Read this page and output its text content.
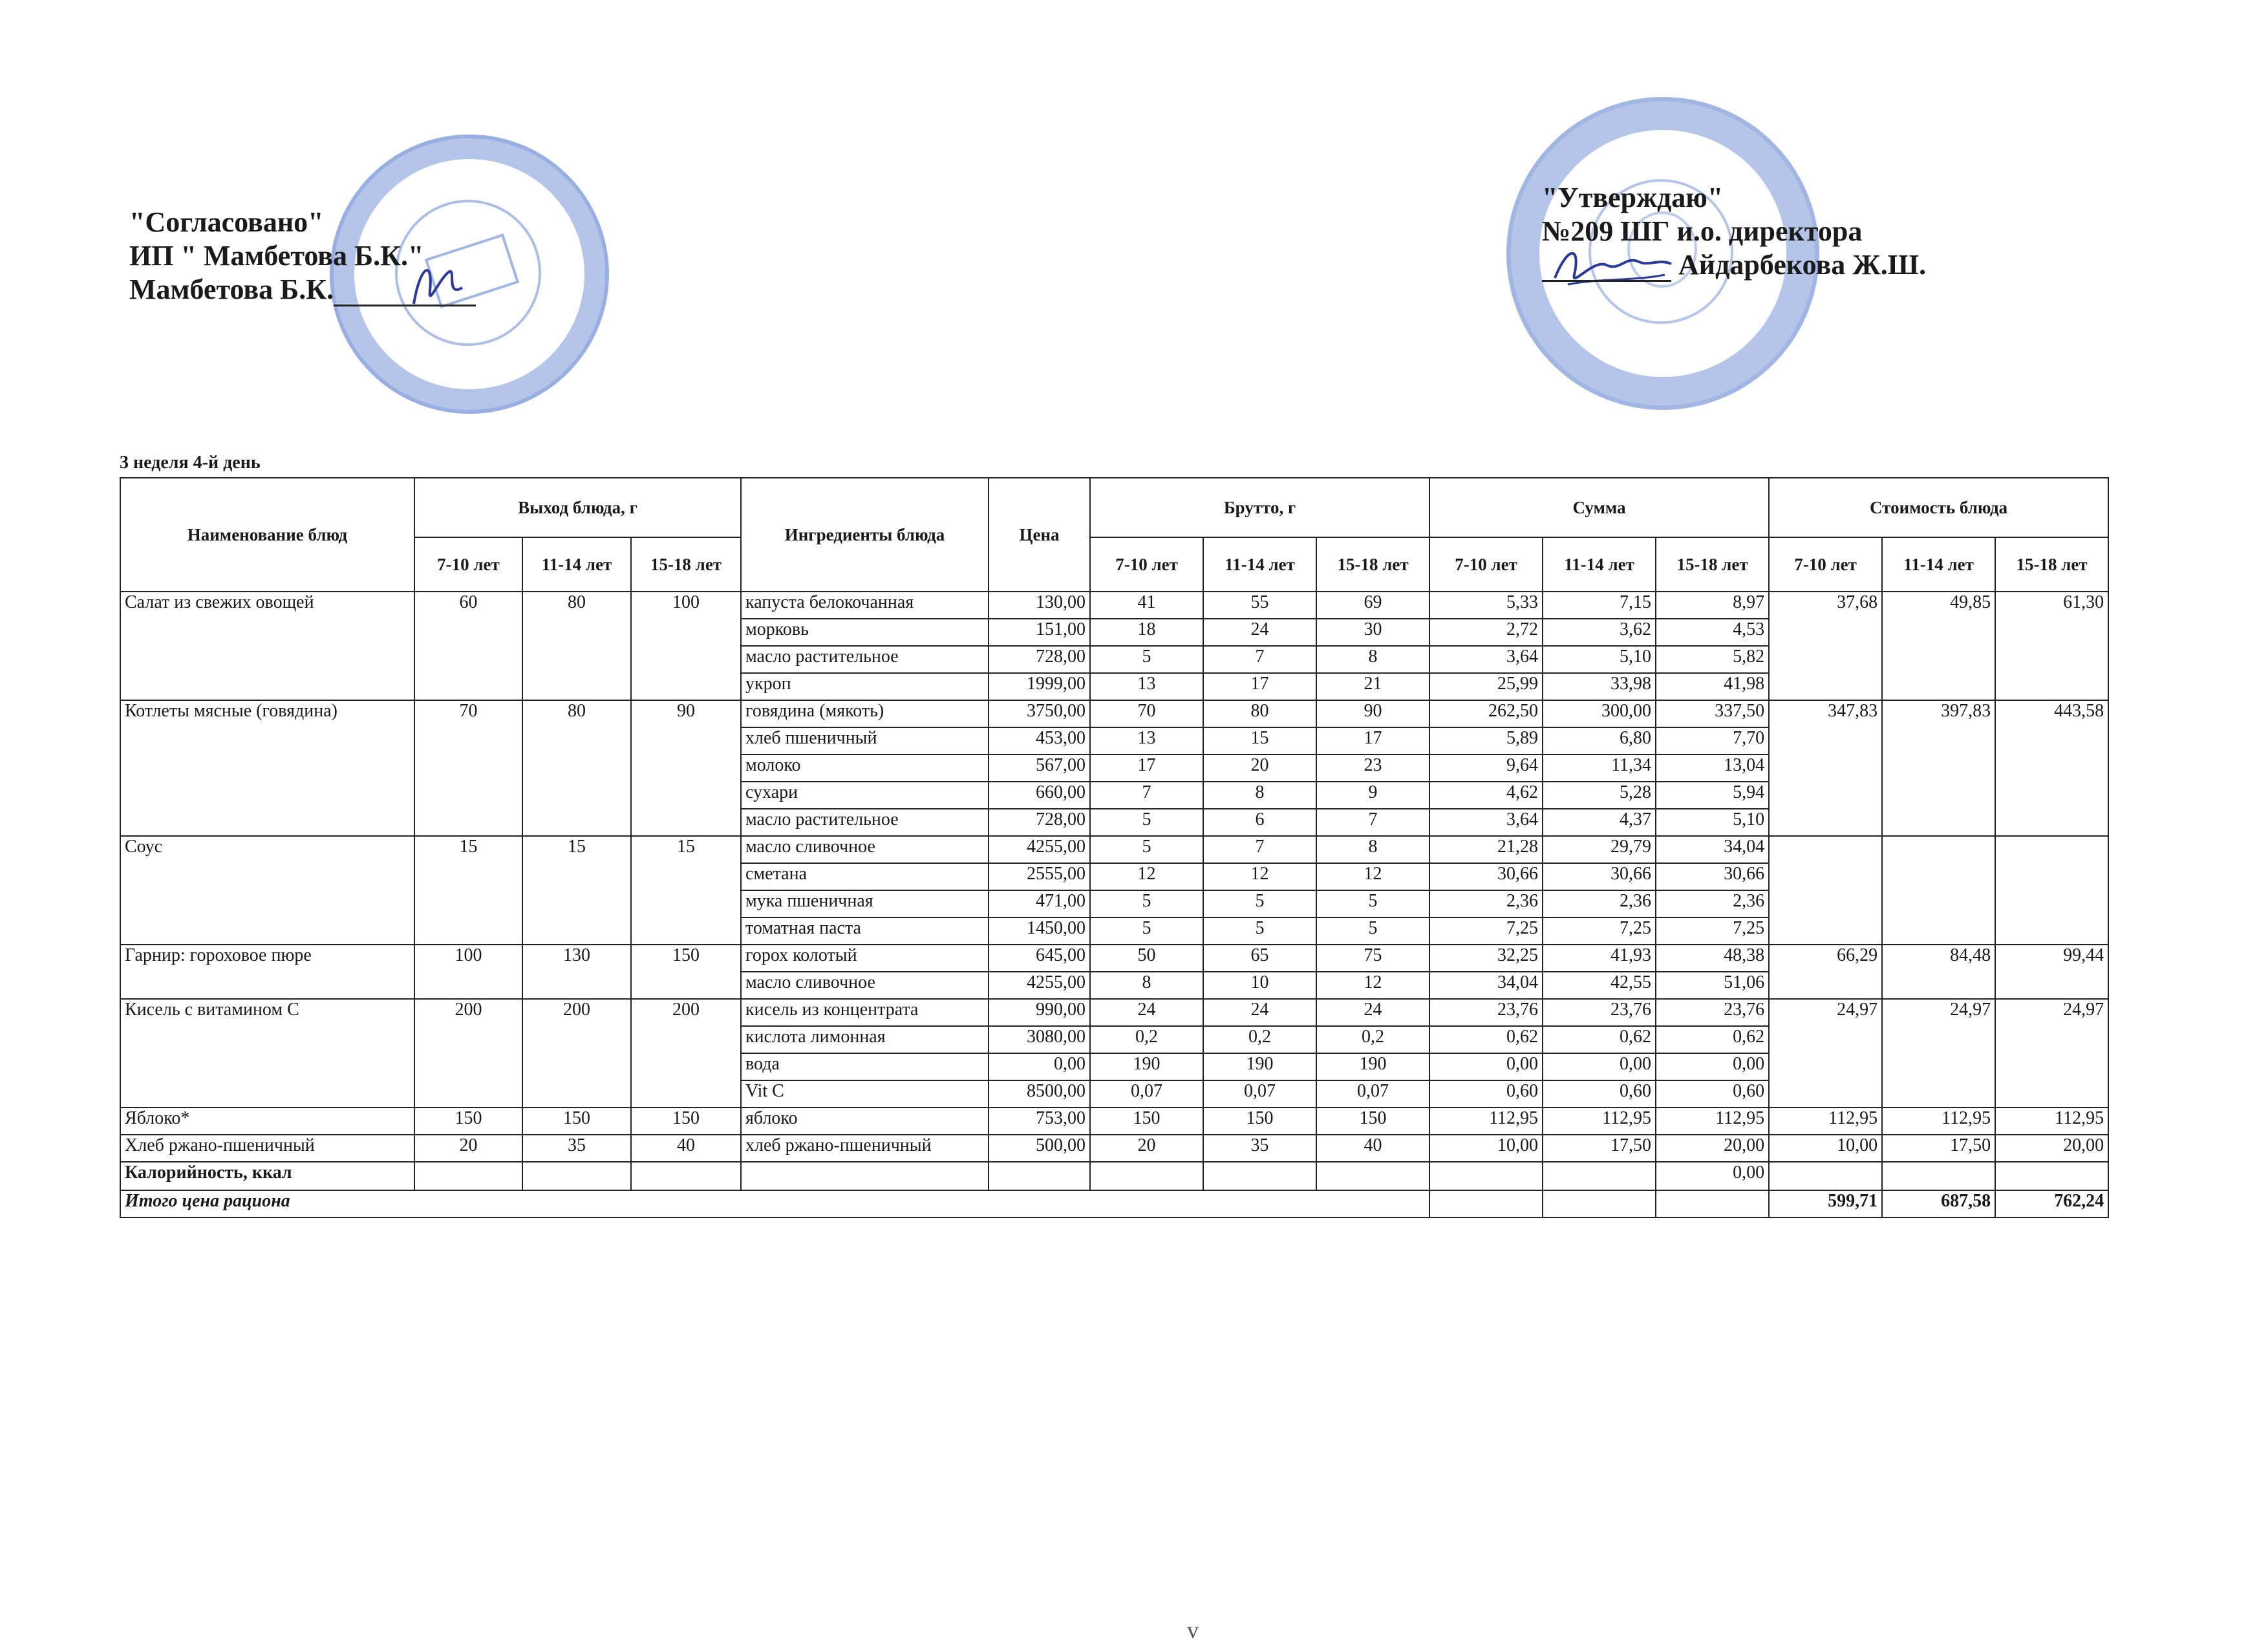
"Согласовано"
ИП " Мамбетова Б.К."
Мамбетова Б.К.
"Утверждаю"
№209 ШГ и.о. директора
Айдарбекова Ж.Ш.
3 неделя 4-й день
Наименование блюд	Выход блюда, г			Ингредиенты блюда	Цена	Брутто, г			Сумма			Стоимость блюда		
	7-10 лет	11-14 лет	15-18 лет			7-10 лет	11-14 лет	15-18 лет	7-10 лет	11-14 лет	15-18 лет	7-10 лет	11-14 лет	15-18 лет
Салат из свежих овощей	60	80	100	капуста белокочанная	130,00	41	55	69	5,33	7,15	8,97	37,68	49,85	61,30
				морковь	151,00	18	24	30	2,72	3,62	4,53			
				масло растительное	728,00	5	7	8	3,64	5,10	5,82			
				укроп	1999,00	13	17	21	25,99	33,98	41,98			
Котлеты мясные (говядина)	70	80	90	говядина (мякоть)	3750,00	70	80	90	262,50	300,00	337,50	347,83	397,83	443,58
				хлеб пшеничный	453,00	13	15	17	5,89	6,80	7,70			
				молоко	567,00	17	20	23	9,64	11,34	13,04			
				сухари	660,00	7	8	9	4,62	5,28	5,94			
				масло растительное	728,00	5	6	7	3,64	4,37	5,10			
Соус	15	15	15	масло сливочное	4255,00	5	7	8	21,28	29,79	34,04			
				сметана	2555,00	12	12	12	30,66	30,66	30,66			
				мука пшеничная	471,00	5	5	5	2,36	2,36	2,36			
				томатная паста	1450,00	5	5	5	7,25	7,25	7,25			
Гарнир: гороховое пюре	100	130	150	горох колотый	645,00	50	65	75	32,25	41,93	48,38	66,29	84,48	99,44
				масло сливочное	4255,00	8	10	12	34,04	42,55	51,06			
Кисель с витамином С	200	200	200	кисель из концентрата	990,00	24	24	24	23,76	23,76	23,76	24,97	24,97	24,97
				кислота лимонная	3080,00	0,2	0,2	0,2	0,62	0,62	0,62			
				вода	0,00	190	190	190	0,00	0,00	0,00			
				Vit C	8500,00	0,07	0,07	0,07	0,60	0,60	0,60			
Яблоко*	150	150	150	яблоко	753,00	150	150	150	112,95	112,95	112,95	112,95	112,95	112,95
Хлеб ржано-пшеничный	20	35	40	хлеб ржано-пшеничный	500,00	20	35	40	10,00	17,50	20,00	10,00	17,50	20,00
Калорийность, ккал											0,00			
Итого цена рациона												599,71	687,58	762,24
v
